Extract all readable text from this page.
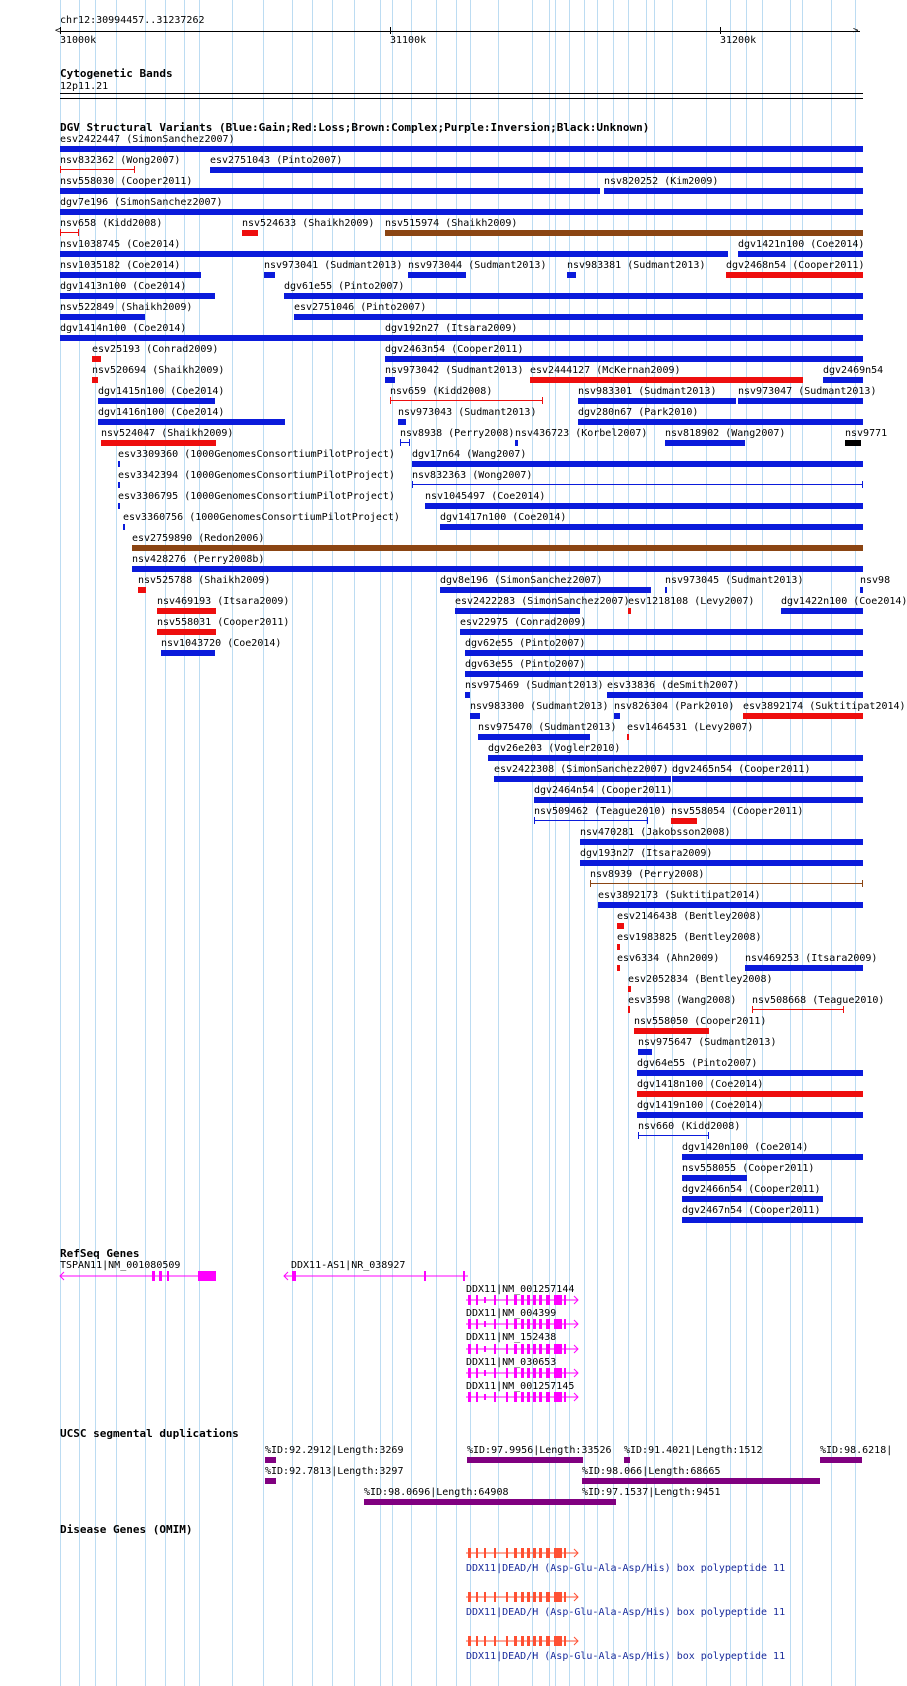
chr12:30994457..31237262
<	>
31000k	31100k	31200k
Cytogenetic Bands
12p11.21
DGV Structural Variants (Blue:Gain;Red:Loss;Brown:Complex;Purple:Inversion;Black:Unknown)
esv2422447 (SimonSanchez2007)
nsv832362 (Wong2007)	esv2751043 (Pinto2007)
nsv558030 (Cooper2011)	nsv820252 (Kim2009)
dgv7e196 (SimonSanchez2007)
nsv658 (Kidd2008)	nsv524633 (Shaikh2009) nsv515974 (Shaikh2009)
nsv1038745 (Coe2014)	dgv1421n100 (Coe2014)
nsv1035182 (Coe2014)	nsv973041 (Sudmant2013) nsv973044 (Sudmant2013) nsv983381 (Sudmant2013) dgv2468n54 (Cooper2011)
dgv1413n100 (Coe2014)	dgv61e55 (Pinto2007)
nsv522849 (Shaikh2009)	esv2751046 (Pinto2007)
dgv1414n100 (Coe2014)	dgv192n27 (Itsara2009)
esv25193 (Conrad2009)	dgv2463n54 (Cooper2011)
nsv520694 (Shaikh2009)	nsv973042 (Sudmant2013) esv2444127 (McKernan2009)	dgv2469n54
dgv1415n100 (Coe2014)	nsv659 (Kidd2008)	nsv983301 (Sudmant2013) nsv973047 (Sudmant2013)
dgv1416n100 (Coe2014)	nsv973043 (Sudmant2013)	dgv280n67 (Park2010)
nsv524047 (Shaikh2009)	nsv8938 (Perry2008) nsv436723 (Korbel2007) nsv818902 (Wang2007)	nsv9771
esv3309360 (1000GenomesConsortiumPilotProject) dgv17n64 (Wang2007)
esv3342394 (1000GenomesConsortiumPilotProject) nsv832363 (Wong2007)
esv3306795 (1000GenomesConsortiumPilotProject)	nsv1045497 (Coe2014)
esv3360756 (1000GenomesConsortiumPilotProject)	dgv1417n100 (Coe2014)
esv2759890 (Redon2006)
nsv428276 (Perry2008b)
nsv525788 (Shaikh2009)	dgv8e196 (SimonSanchez2007)	nsv973045 (Sudmant2013)	nsv98
nsv469193 (Itsara2009)	esv2422283 (SimonSanchez2007)
esv1218108 (Levy2007)	dgv1422n100 (Coe2014)
nsv558031 (Cooper2011)	esv22975 (Conrad2009)
nsv1043720 (Coe2014)	dgv62e55 (Pinto2007)
dgv63e55 (Pinto2007)
nsv975469 (Sudmant2013) esv33836 (deSmith2007)
nsv983300 (Sudmant2013) nsv826304 (Park2010) esv3892174 (Suktitipat2014)
nsv975470 (Sudmant2013) esv1464531 (Levy2007)
dgv26e203 (Vogler2010)
esv2422308 (SimonSanchez2007) dgv2465n54 (Cooper2011)
dgv2464n54 (Cooper2011)
nsv509462 (Teague2010) nsv558054 (Cooper2011)
nsv470281 (Jakobsson2008)
dgv193n27 (Itsara2009)
nsv8939 (Perry2008)
esv3892173 (Suktitipat2014)
esv2146438 (Bentley2008)
esv1983825 (Bentley2008)
esv6334 (Ahn2009)	nsv469253 (Itsara2009)
esv2052834 (Bentley2008)
esv3598 (Wang2008) nsv508668 (Teague2010)
nsv558050 (Cooper2011)
nsv975647 (Sudmant2013)
dgv64e55 (Pinto2007)
dgv1418n100 (Coe2014)
dgv1419n100 (Coe2014)
nsv660 (Kidd2008)
dgv1420n100 (Coe2014)
nsv558055 (Cooper2011)
dgv2466n54 (Cooper2011)
dgv2467n54 (Cooper2011)
RefSeq Genes
TSPAN11|NM_001080509	DDX11-AS1|NR_038927
DDX11|NM_001257144
DDX11|NM_004399
DDX11|NM_152438
DDX11|NM_030653
DDX11|NM_001257145
UCSC segmental duplications
%ID:92.2912|Length:3269	%ID:97.9956|Length:33526 %ID:91.4021|Length:1512	%ID:98.6218|
%ID:92.7813|Length:3297	%ID:98.066|Length:68665
%ID:98.0696|Length:64908	%ID:97.1537|Length:9451
Disease Genes (OMIM)
DDX11|DEAD/H (Asp-Glu-Ala-Asp/His) box polypeptide 11
DDX11|DEAD/H (Asp-Glu-Ala-Asp/His) box polypeptide 11
DDX11|DEAD/H (Asp-Glu-Ala-Asp/His) box polypeptide 11
